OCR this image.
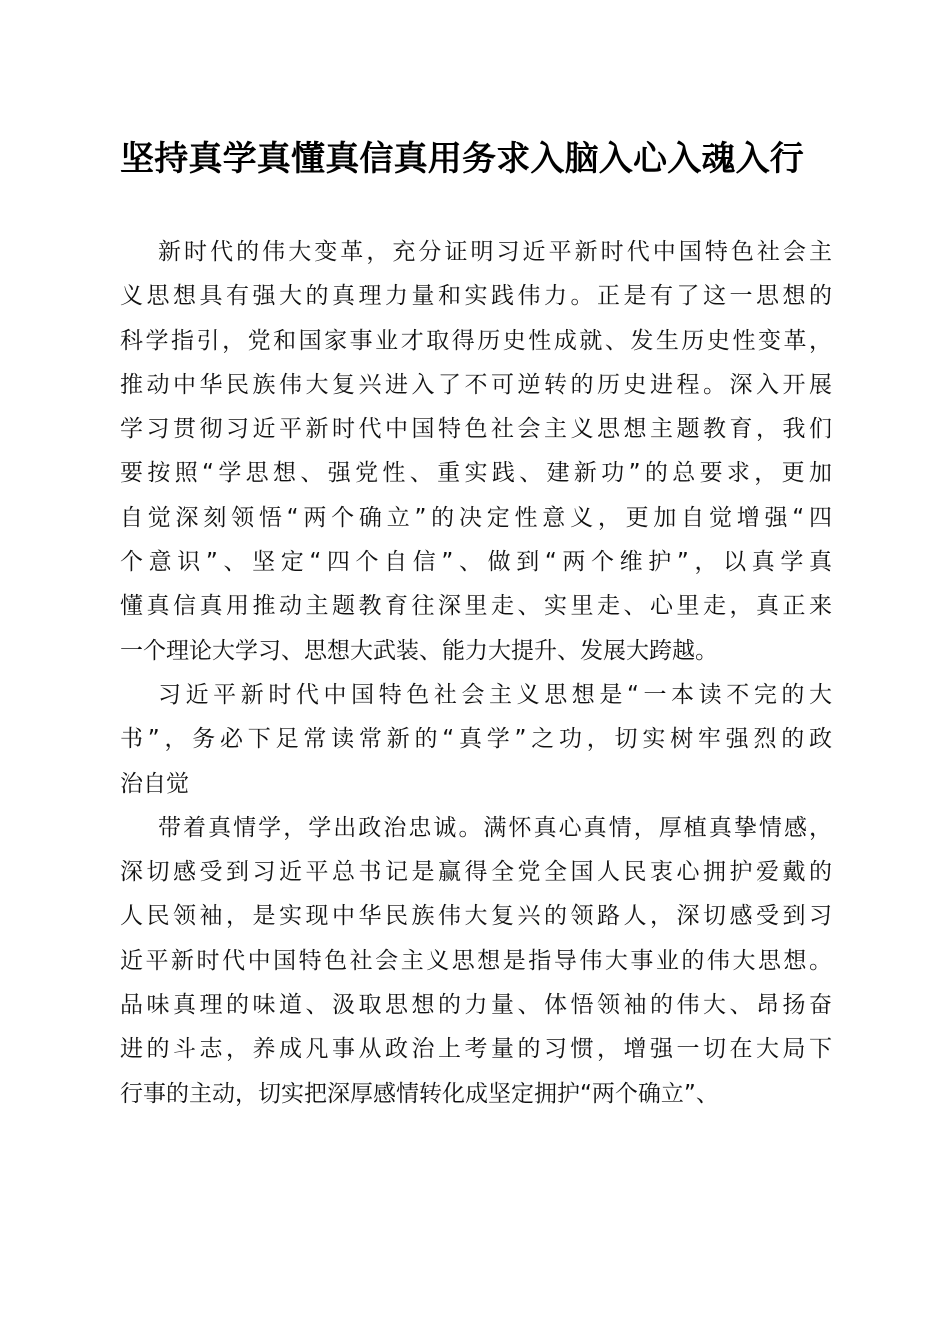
坚持真学真懂真信真用务求入脑入心入魂入行
新时代的伟大变革，充分证明习近平新时代中国特色社会主
义思想具有强大的真理力量和实践伟力。正是有了这一思想的
科学指引，党和国家事业才取得历史性成就、发生历史性变革，
推动中华民族伟大复兴进入了不可逆转的历史进程。深入开展
学习贯彻习近平新时代中国特色社会主义思想主题教育，我们
要按照“学思想、强党性、重实践、建新功”的总要求，更加
自觉深刻领悟“两个确立”的决定性意义，更加自觉增强“四
个意识”、坚定“四个自信”、做到“两个维护”，以真学真
懂真信真用推动主题教育往深里走、实里走、心里走，真正来
一个理论大学习、思想大武装、能力大提升、发展大跨越。
习近平新时代中国特色社会主义思想是“一本读不完的大
书”，务必下足常读常新的“真学”之功，切实树牢强烈的政
治自觉
带着真情学，学出政治忠诚。满怀真心真情，厚植真挚情感，
深切感受到习近平总书记是赢得全党全国人民衷心拥护爱戴的
人民领袖，是实现中华民族伟大复兴的领路人，深切感受到习
近平新时代中国特色社会主义思想是指导伟大事业的伟大思想。
品味真理的味道、汲取思想的力量、体悟领袖的伟大、昂扬奋
进的斗志，养成凡事从政治上考量的习惯，增强一切在大局下
行事的主动，切实把深厚感情转化成坚定拥护“两个确立”、
